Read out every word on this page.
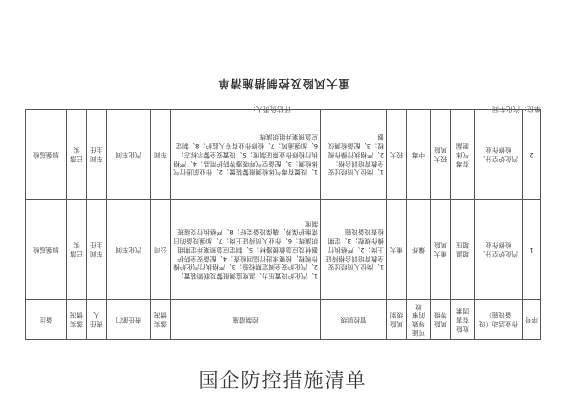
重大风险及控制措施清单
单位：汽化车间
评估负责人：
序号	作业活动（设备设施）	危险有害因素	风险等级	可能导致的事故	风险级别	管控层级	控制措施	落实情况	责任部门	责任人	落实情况	备注
1	汽化炉空分、检修作业	超温超压	重大风险	爆炸	重大	1、岗位人员经过安全教育培训合格持证上岗；2、严格执行操作规程；3、定期检查设备设施	1、汽化炉设置压力、温度监测报警及联锁装置；2、汽化炉安全阀定期校验；3、严格执行汽化炉操作规程，按要求进行巡回检查；4、配备安全防护器材及应急救援器材；5、制定应急预案并定期组织演练；6、作业人员持证上岗；7、加强设备的日常维护保养，确保设备完好；8、严格执行交接班制度	公司	汽化车间	车间主任	已落实	加强巡检
2	汽化炉空分、检修作业	有毒气体泄漏	较大风险	中毒	较大	1、岗位人员经过安全教育培训合格；2、严格执行操作规程；3、配备检测仪器	1、设置有毒气体检测报警装置；2、作业前进行气体检测；3、配备空气呼吸器等防护用品；4、严格执行检修作业票证制度；5、设置安全警示标志；6、加强通风；7、检修作业有专人监护；8、制定应急预案并组织演练	车间	汽化车间	车间主任	已落实	加强巡检
国企防控措施清单
